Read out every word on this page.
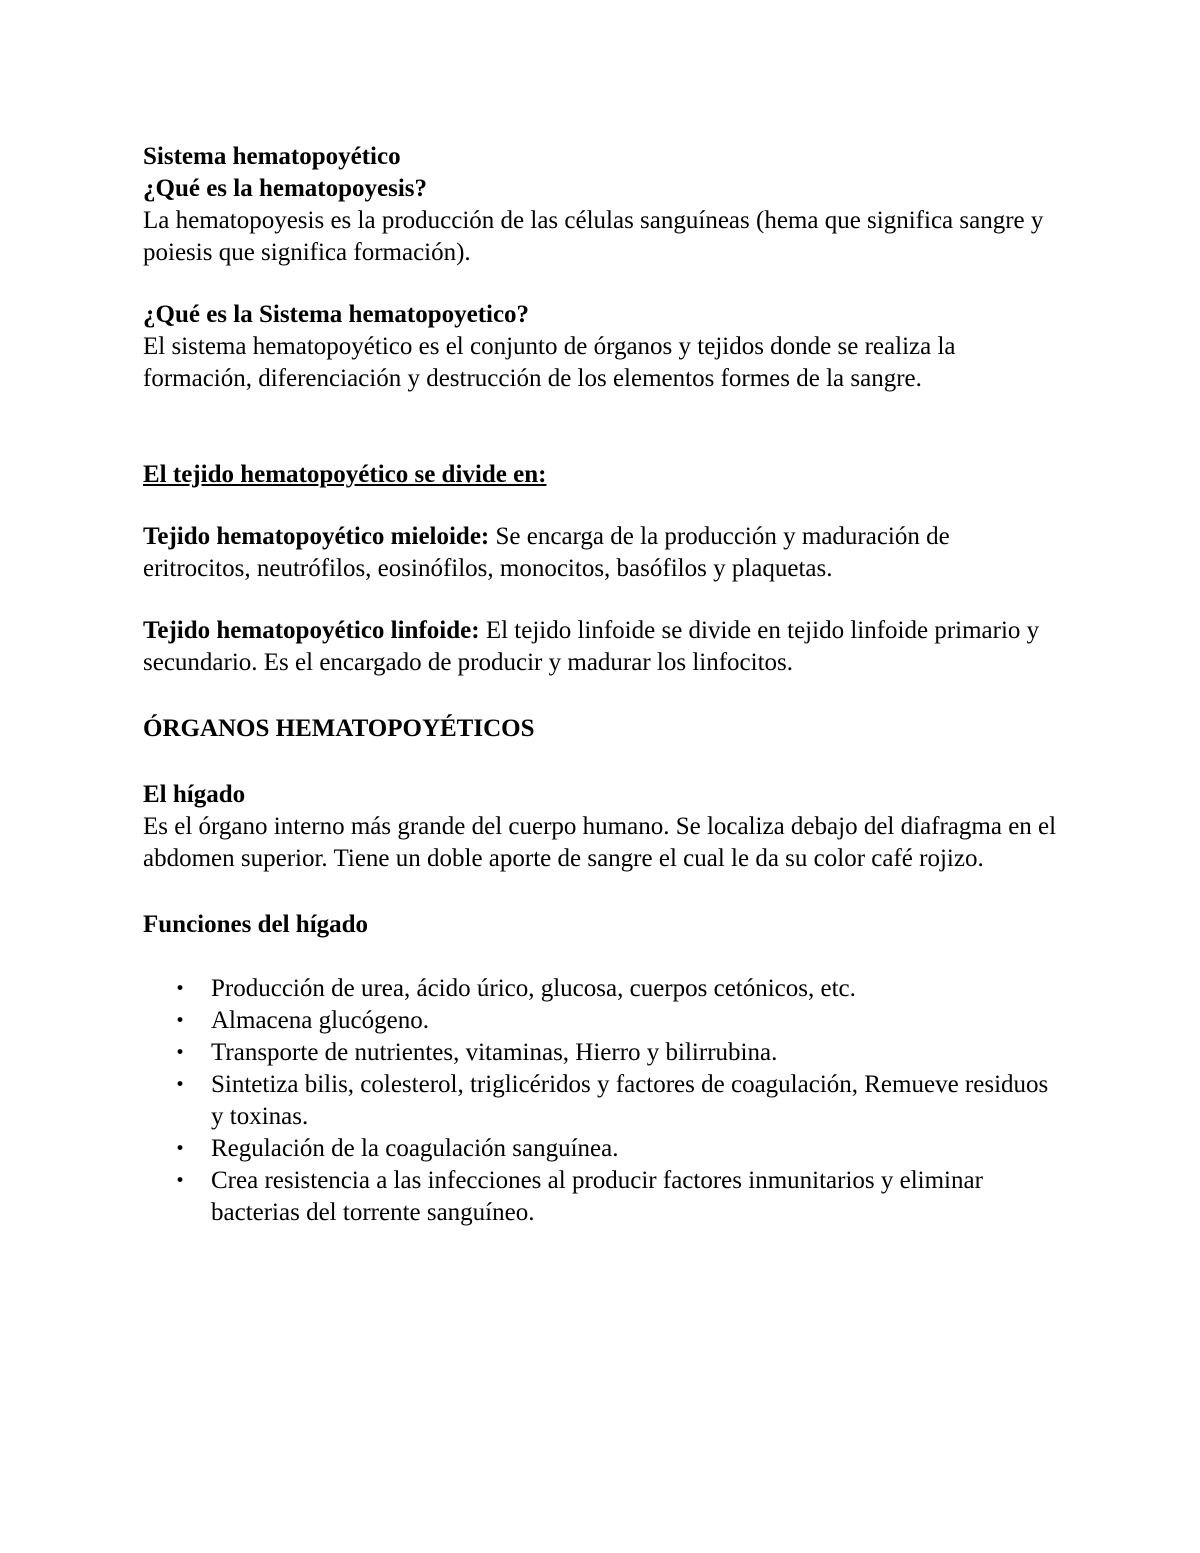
Sistema hematopoyético

¿Qué es la hematopoyesis?

La hematopoyesis es la producción de las células sanguíneas (hema que significa sangre y poiesis que significa formación).

¿Qué es la Sistema hematopoyetico?

El sistema hematopoyético es el conjunto de órganos y tejidos donde se realiza la formación, diferenciación y destrucción de los elementos formes de la sangre.

El tejido hematopoyético se divide en:

Tejido hematopoyético mieloide: Se encarga de la producción y maduración de eritrocitos, neutrófilos, eosinófilos, monocitos, basófilos y plaquetas.

Tejido hematopoyético linfoide: El tejido linfoide se divide en tejido linfoide primario y secundario. Es el encargado de producir y madurar los linfocitos.

ÓRGANOS HEMATOPOYÉTICOS

El hígado

Es el órgano interno más grande del cuerpo humano. Se localiza debajo del diafragma en el abdomen superior. Tiene un doble aporte de sangre el cual le da su color café rojizo.

Funciones del hígado

• Producción de urea, ácido úrico, glucosa, cuerpos cetónicos, etc.
• Almacena glucógeno.
• Transporte de nutrientes, vitaminas, Hierro y bilirrubina.
• Sintetiza bilis, colesterol, triglicéridos y factores de coagulación, Remueve residuos y toxinas.
• Regulación de la coagulación sanguínea.
• Crea resistencia a las infecciones al producir factores inmunitarios y eliminar bacterias del torrente sanguíneo.
